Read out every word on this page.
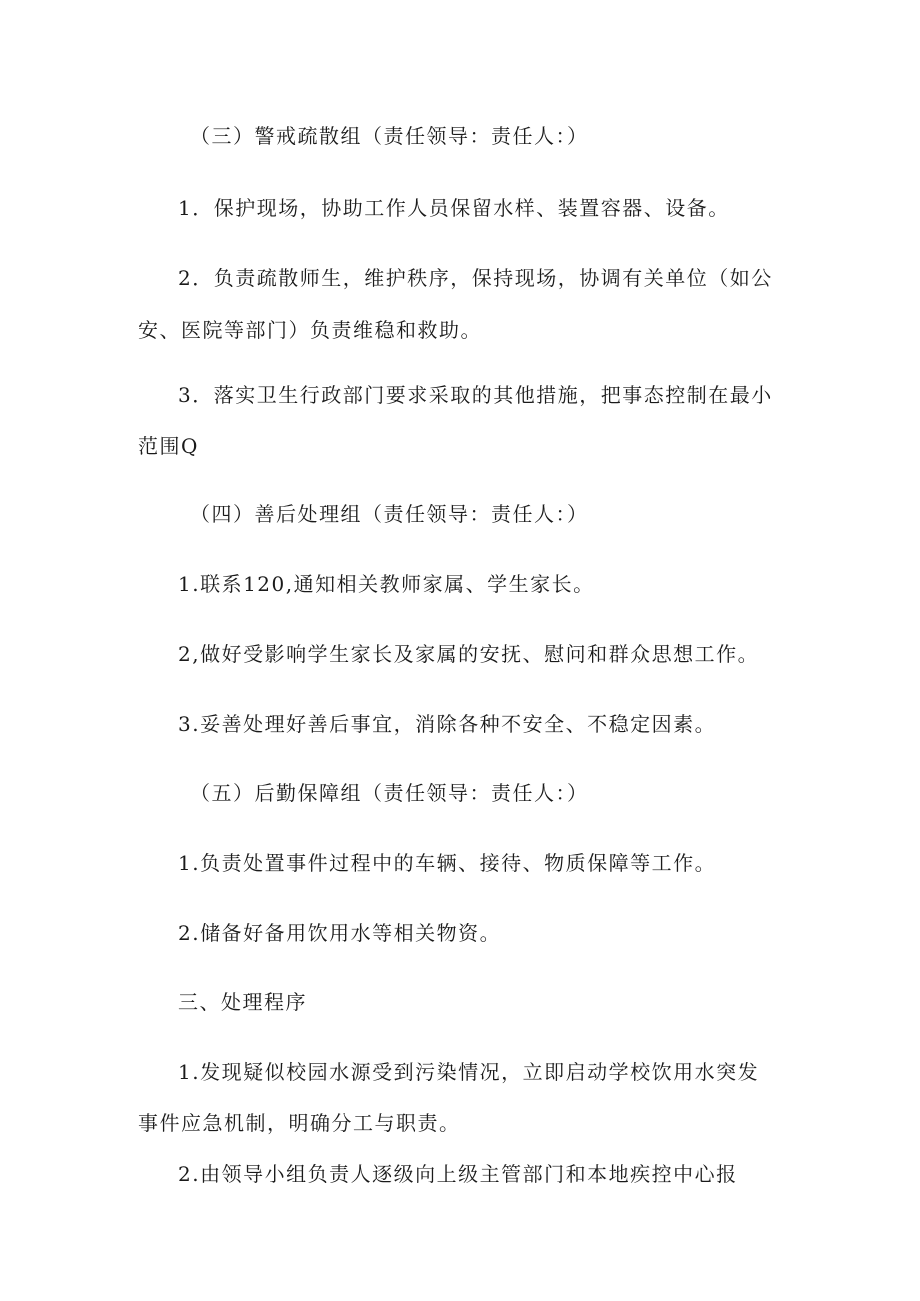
（三）警戒疏散组（责任领导：责任人：）
1．保护现场，协助工作人员保留水样、装置容器、设备。
2．负责疏散师生，维护秩序，保持现场，协调有关单位（如公
安、医院等部门）负责维稳和救助。
3．落实卫生行政部门要求采取的其他措施，把事态控制在最小
范围Q
（四）善后处理组（责任领导：责任人：）
1.联系120,通知相关教师家属、学生家长。
2,做好受影响学生家长及家属的安抚、慰问和群众思想工作。
3.妥善处理好善后事宜，消除各种不安全、不稳定因素。
（五）后勤保障组（责任领导：责任人：）
1.负责处置事件过程中的车辆、接待、物质保障等工作。
2.储备好备用饮用水等相关物资。
三、处理程序
1.发现疑似校园水源受到污染情况，立即启动学校饮用水突发
事件应急机制，明确分工与职责。
2.由领导小组负责人逐级向上级主管部门和本地疾控中心报
